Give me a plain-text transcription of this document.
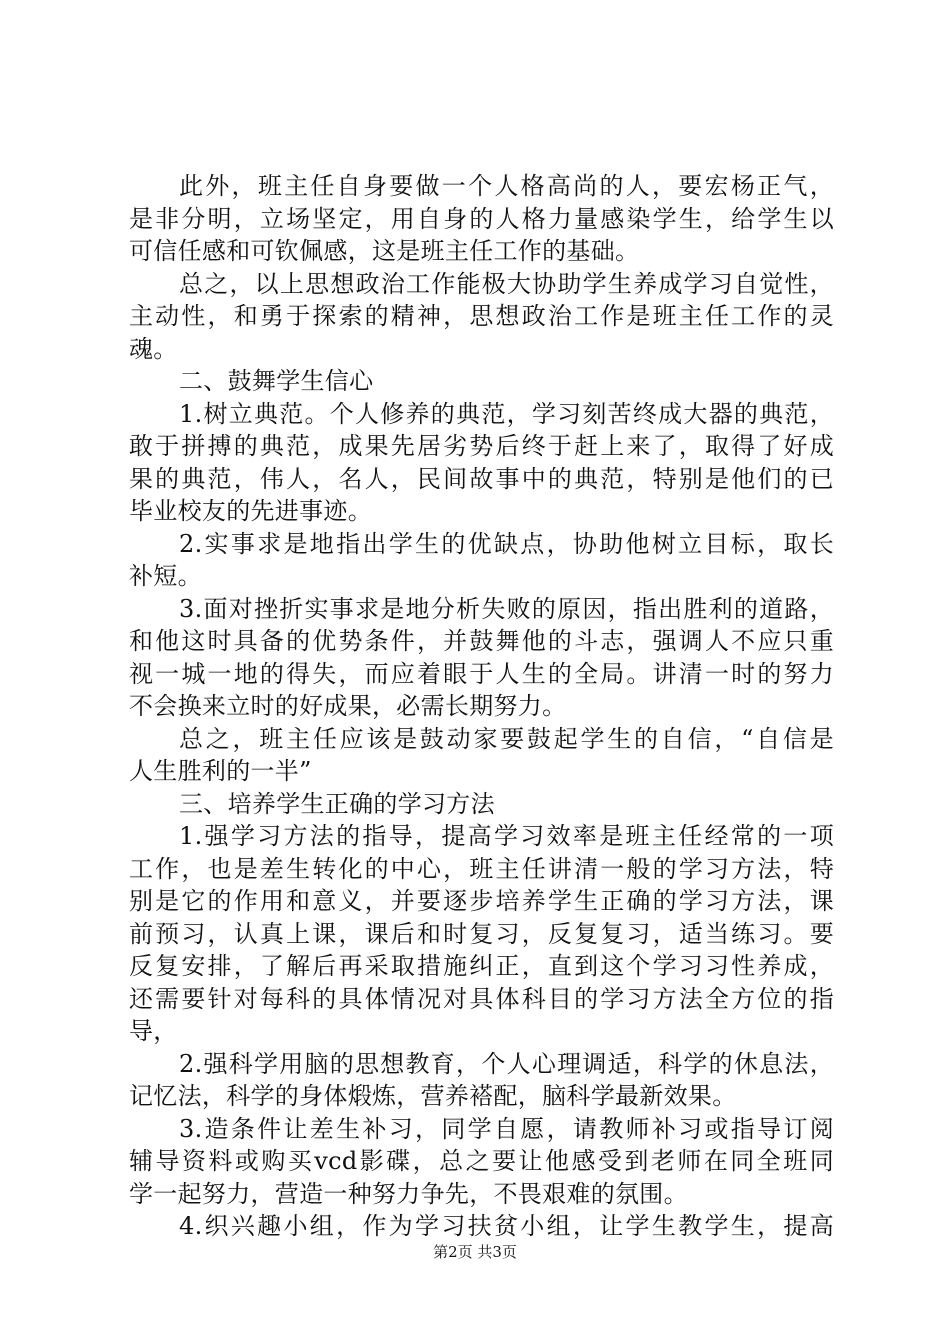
此外，班主任自身要做一个人格高尚的人，要宏杨正气，
是非分明，立场坚定，用自身的人格力量感染学生，给学生以
可信任感和可钦佩感，这是班主任工作的基础。
总之，以上思想政治工作能极大协助学生养成学习自觉性，
主动性，和勇于探索的精神，思想政治工作是班主任工作的灵
魂。
二、鼓舞学生信心
1.树立典范。个人修养的典范，学习刻苦终成大器的典范，
敢于拼搏的典范，成果先居劣势后终于赶上来了，取得了好成
果的典范，伟人，名人，民间故事中的典范，特别是他们的已
毕业校友的先进事迹。
2.实事求是地指出学生的优缺点，协助他树立目标，取长
补短。
3.面对挫折实事求是地分析失败的原因，指出胜利的道路，
和他这时具备的优势条件，并鼓舞他的斗志，强调人不应只重
视一城一地的得失，而应着眼于人生的全局。讲清一时的努力
不会换来立时的好成果，必需长期努力。
总之，班主任应该是鼓动家要鼓起学生的自信，“自信是
人生胜利的一半”
三、培养学生正确的学习方法
1.强学习方法的指导，提高学习效率是班主任经常的一项
工作，也是差生转化的中心，班主任讲清一般的学习方法，特
别是它的作用和意义，并要逐步培养学生正确的学习方法，课
前预习，认真上课，课后和时复习，反复复习，适当练习。要
反复安排，了解后再采取措施纠正，直到这个学习习性养成，
还需要针对每科的具体情况对具体科目的学习方法全方位的指
导，
2.强科学用脑的思想教育，个人心理调适，科学的休息法，
记忆法，科学的身体煅炼，营养褡配，脑科学最新效果。
3.造条件让差生补习，同学自愿，请教师补习或指导订阅
辅导资料或购买vcd影碟，总之要让他感受到老师在同全班同
学一起努力，营造一种努力争先，不畏艰难的氛围。
4.织兴趣小组，作为学习扶贫小组，让学生教学生，提高
第2页 共3页
